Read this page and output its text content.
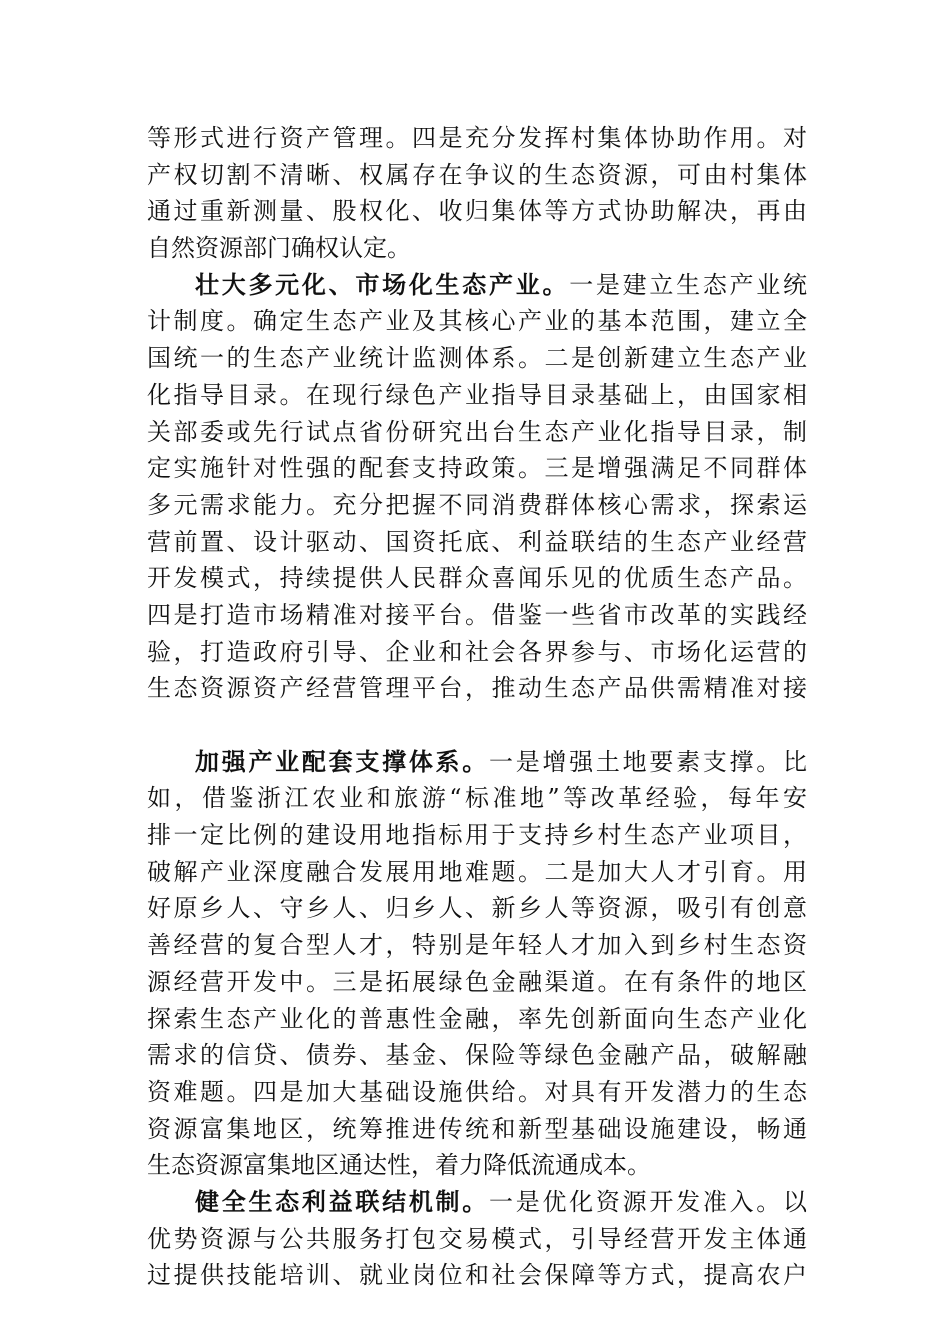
等形式进行资产管理。四是充分发挥村集体协助作用。对
产权切割不清晰、权属存在争议的生态资源，可由村集体
通过重新测量、股权化、收归集体等方式协助解决，再由
自然资源部门确权认定。
壮大多元化、市场化生态产业。一是建立生态产业统
计制度。确定生态产业及其核心产业的基本范围，建立全
国统一的生态产业统计监测体系。二是创新建立生态产业
化指导目录。在现行绿色产业指导目录基础上，由国家相
关部委或先行试点省份研究出台生态产业化指导目录，制
定实施针对性强的配套支持政策。三是增强满足不同群体
多元需求能力。充分把握不同消费群体核心需求，探索运
营前置、设计驱动、国资托底、利益联结的生态产业经营
开发模式，持续提供人民群众喜闻乐见的优质生态产品。
四是打造市场精准对接平台。借鉴一些省市改革的实践经
验，打造政府引导、企业和社会各界参与、市场化运营的
生态资源资产经营管理平台，推动生态产品供需精准对接
加强产业配套支撑体系。一是增强土地要素支撑。比
如，借鉴浙江农业和旅游“标准地”等改革经验，每年安
排一定比例的建设用地指标用于支持乡村生态产业项目，
破解产业深度融合发展用地难题。二是加大人才引育。用
好原乡人、守乡人、归乡人、新乡人等资源，吸引有创意
善经营的复合型人才，特别是年轻人才加入到乡村生态资
源经营开发中。三是拓展绿色金融渠道。在有条件的地区
探索生态产业化的普惠性金融，率先创新面向生态产业化
需求的信贷、债券、基金、保险等绿色金融产品，破解融
资难题。四是加大基础设施供给。对具有开发潜力的生态
资源富集地区，统筹推进传统和新型基础设施建设，畅通
生态资源富集地区通达性，着力降低流通成本。
健全生态利益联结机制。一是优化资源开发准入。以
优势资源与公共服务打包交易模式，引导经营开发主体通
过提供技能培训、就业岗位和社会保障等方式，提高农户
